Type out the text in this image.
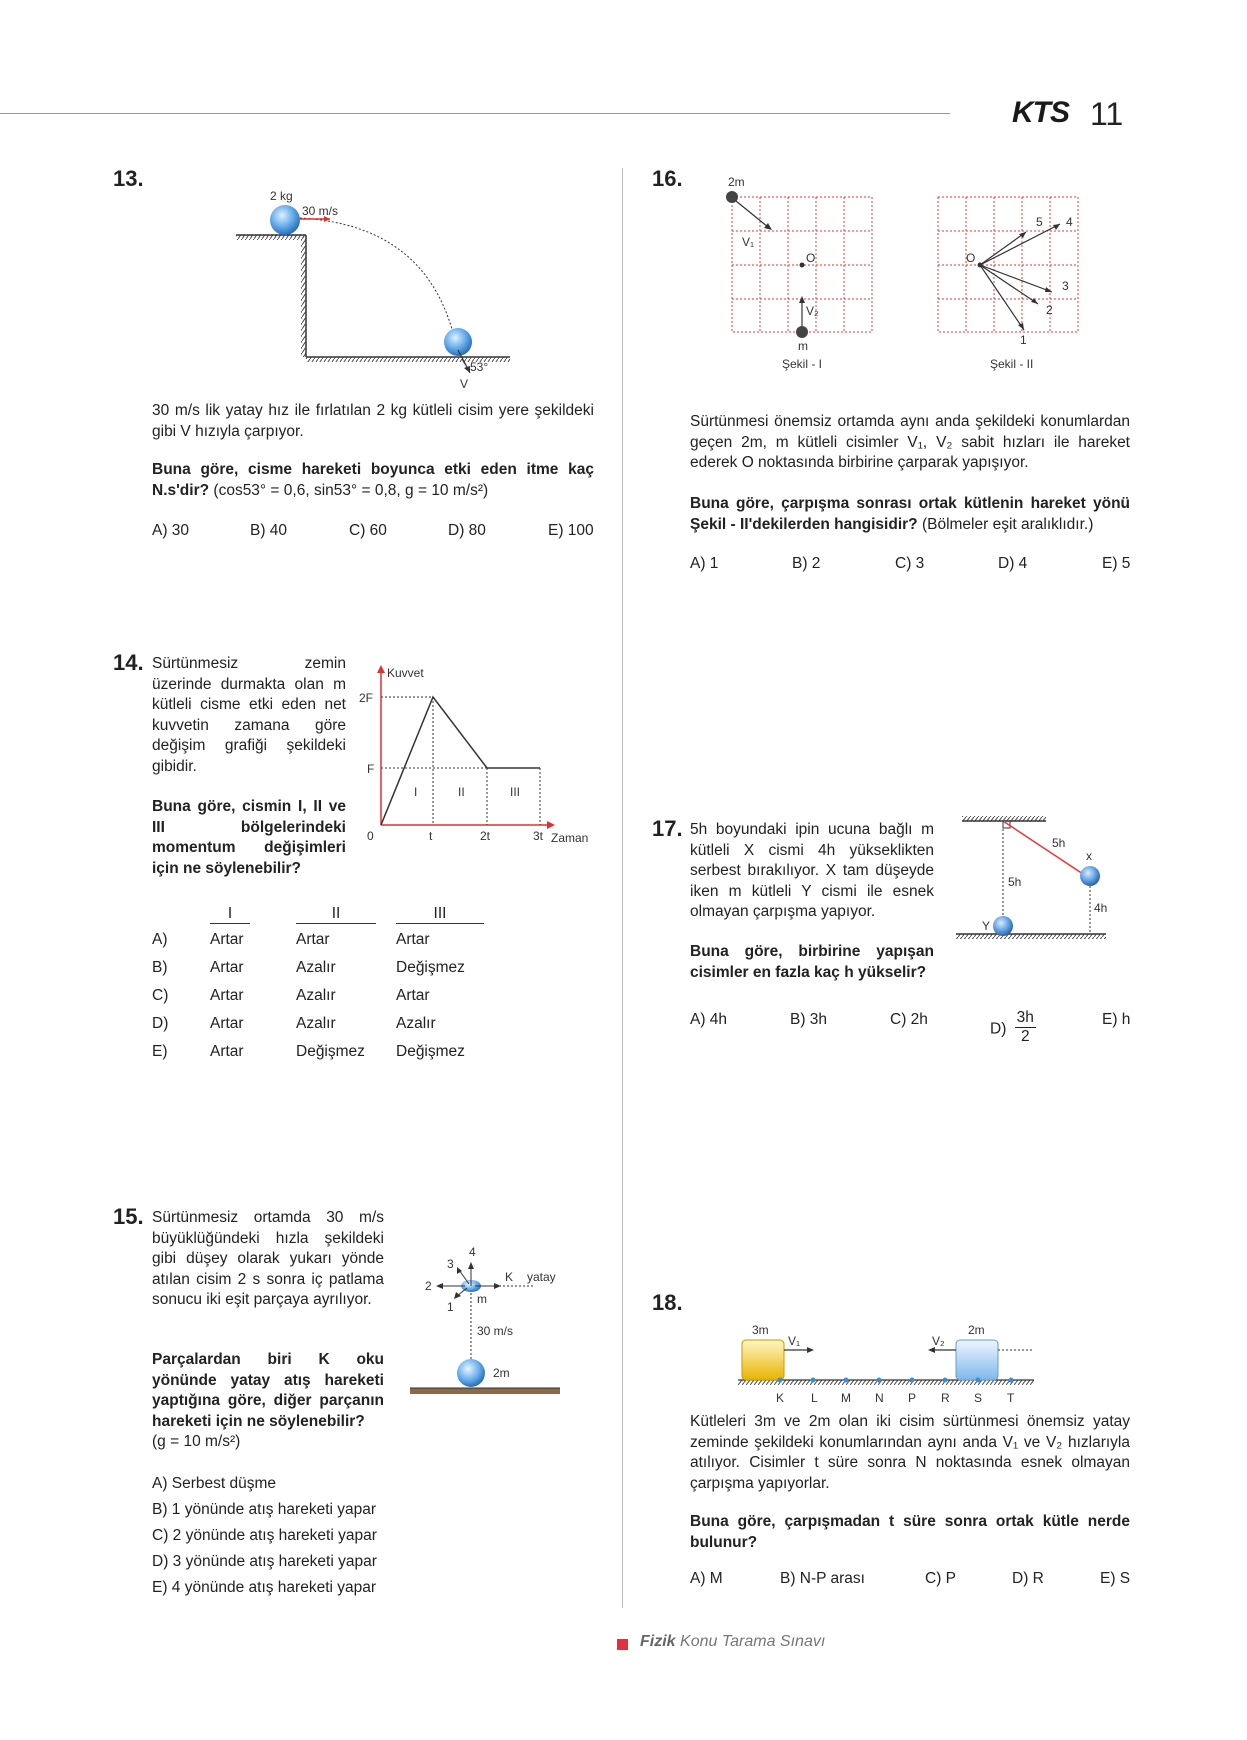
KTS 11
13.
2 kg
30 m/s
53°
V
30 m/s lik yatay hız ile fırlatılan 2 kg kütleli cisim yere şekildeki gibi V hızıyla çarpıyor.
Buna göre, cisme hareketi boyunca etki eden itme kaç N.s'dir? (cos53° = 0,6, sin53° = 0,8, g = 10 m/s²)
A) 30	B) 40	C) 60	D) 80	E) 100
14. Sürtünmesiz zemin üzerinde durmakta olan m kütleli cisme etki eden net kuvvetin zamana göre değişim grafiği şekildeki gibidir.
Buna göre, cismin I, II ve III bölgelerindeki momentum değişimleri için ne söylenebilir?
Kuvvet
2F
F
0	t	2t	3t Zaman
I	II	III
	I	II	III
A)	Artar	Artar	Artar
B)	Artar	Azalır	Değişmez
C)	Artar	Azalır	Artar
D)	Artar	Azalır	Azalır
E)	Artar	Değişmez	Değişmez
15. Sürtünmesiz ortamda 30 m/s büyüklüğündeki hızla şekildeki gibi düşey olarak yukarı yönde atılan cisim 2 s sonra iç patlama sonucu iki eşit parçaya ayrılıyor.
Parçalardan biri K oku yönünde yatay atış hareketi yaptığına göre, diğer parçanın hareketi için ne söylenebilir?
(g = 10 m/s²)
4
3
2
1
K yatay
m
30 m/s
2m
A) Serbest düşme
B) 1 yönünde atış hareketi yapar
C) 2 yönünde atış hareketi yapar
D) 3 yönünde atış hareketi yapar
E) 4 yönünde atış hareketi yapar
16.	2m
V₁
O
V₂
m
Şekil - I
O
1
2
3
4
5
Şekil - II
Sürtünmesi önemsiz ortamda aynı anda şekildeki konumlardan geçen 2m, m kütleli cisimler V₁, V₂ sabit hızları ile hareket ederek O noktasında birbirine çarparak yapışıyor.
Buna göre, çarpışma sonrası ortak kütlenin hareket yönü Şekil - II'dekilerden hangisidir? (Bölmeler eşit aralıklıdır.)
A) 1	B) 2	C) 3	D) 4	E) 5
17. 5h boyundaki ipin ucuna bağlı m kütleli X cismi 4h yükseklikten serbest bırakılıyor. X tam düşeyde iken m kütleli Y cismi ile esnek olmayan çarpışma yapıyor.
Buna göre, birbirine yapışan cisimler en fazla kaç h yükselir?
5h
5h
4h
x
Y
A) 4h	B) 3h	C) 2h
$D) \frac{3h}{2}$	E) h
18.
3m	2m
V₁	V₂
K L M N P R S T
Kütleleri 3m ve 2m olan iki cisim sürtünmesi önemsiz yatay zeminde şekildeki konumlarından aynı anda V₁ ve V₂ hızlarıyla atılıyor. Cisimler t süre sonra N noktasında esnek olmayan çarpışma yapıyorlar.
Buna göre, çarpışmadan t süre sonra ortak kütle nerde bulunur?
A) M	B) N-P arası	C) P	D) R	E) S
Fizik Konu Tarama Sınavı
